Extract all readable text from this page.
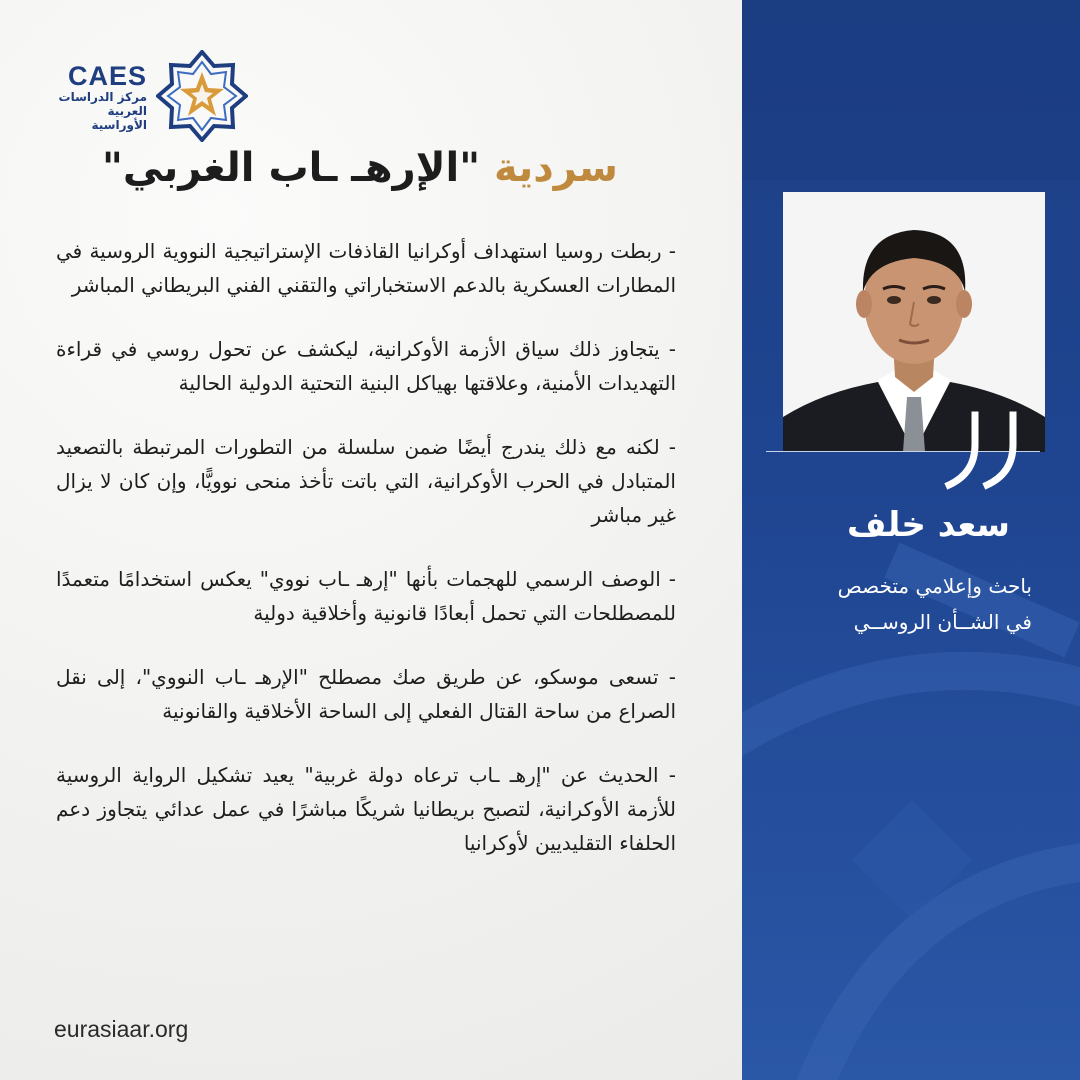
CAES
مركز الدراسات
العربية الأوراسية
سردية "الإرهـ ـاب الغربي"

- ربطت روسيا استهداف أوكرانيا القاذفات الإستراتيجية النووية الروسية في المطارات العسكرية بالدعم الاستخباراتي والتقني الفني البريطاني المباشر

- يتجاوز ذلك سياق الأزمة الأوكرانية، ليكشف عن تحول روسي في قراءة التهديدات الأمنية، وعلاقتها بهياكل البنية التحتية الدولية الحالية

- لكنه مع ذلك يندرج أيضًا ضمن سلسلة من التطورات المرتبطة بالتصعيد المتبادل في الحرب الأوكرانية، التي باتت تأخذ منحى نوويًّا، وإن كان لا يزال غير مباشر

- الوصف الرسمي للهجمات بأنها "إرهـ ـاب نووي" يعكس استخدامًا متعمدًا للمصطلحات التي تحمل أبعادًا قانونية وأخلاقية دولية

- تسعى موسكو، عن طريق صك مصطلح "الإرهـ ـاب النووي"، إلى نقل الصراع من ساحة القتال الفعلي إلى الساحة الأخلاقية والقانونية

- الحديث عن "إرهـ ـاب ترعاه دولة غربية" يعيد تشكيل الرواية الروسية للأزمة الأوكرانية، لتصبح بريطانيا شريكًا مباشرًا في عمل عدائي يتجاوز دعم الحلفاء التقليديين لأوكرانيا

eurasiaar.org
سعد خلف
باحث وإعلامي متخصص
في الشــأن الروســي
